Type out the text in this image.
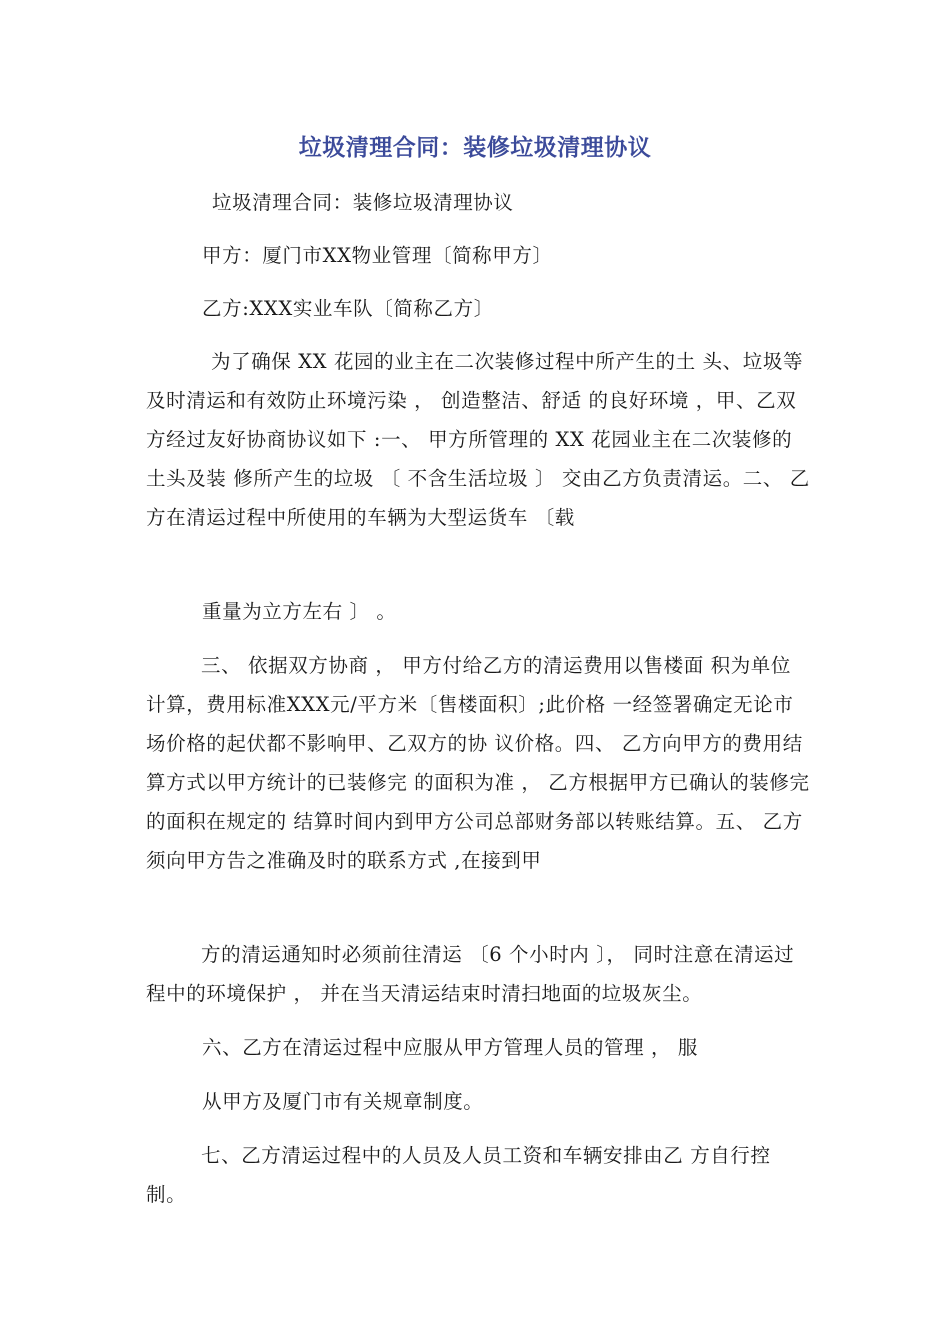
垃圾清理合同：装修垃圾清理协议

垃圾清理合同：装修垃圾清理协议

甲方：厦门市XX物业管理〔简称甲方〕

乙方:XXX实业车队〔简称乙方〕

为了确保 XX 花园的业主在二次装修过程中所产生的土 头、垃圾等及时清运和有效防止环境污染 ， 创造整洁、舒适 的良好环境 ，甲、乙双方经过友好协商协议如下 :一、 甲方所管理的 XX 花园业主在二次装修的土头及装 修所产生的垃圾 〔 不含生活垃圾 〕 交由乙方负责清运。二、 乙方在清运过程中所使用的车辆为大型运货车 〔载

重量为立方左右 〕 。

三、 依据双方协商 ， 甲方付给乙方的清运费用以售楼面 积为单位计算，费用标准XXX元/平方米〔售楼面积〕;此价格 一经签署确定无论市场价格的起伏都不影响甲、乙双方的协 议价格。四、 乙方向甲方的费用结算方式以甲方统计的已装修完 的面积为准 ， 乙方根据甲方已确认的装修完的面积在规定的 结算时间内到甲方公司总部财务部以转账结算。五、 乙方须向甲方告之准确及时的联系方式 ,在接到甲

方的清运通知时必须前往清运 〔6 个小时内 〕， 同时注意在清运过程中的环境保护 ， 并在当天清运结束时清扫地面的垃圾灰尘。

六、乙方在清运过程中应服从甲方管理人员的管理 ， 服

从甲方及厦门市有关规章制度。

七、乙方清运过程中的人员及人员工资和车辆安排由乙 方自行控制。
